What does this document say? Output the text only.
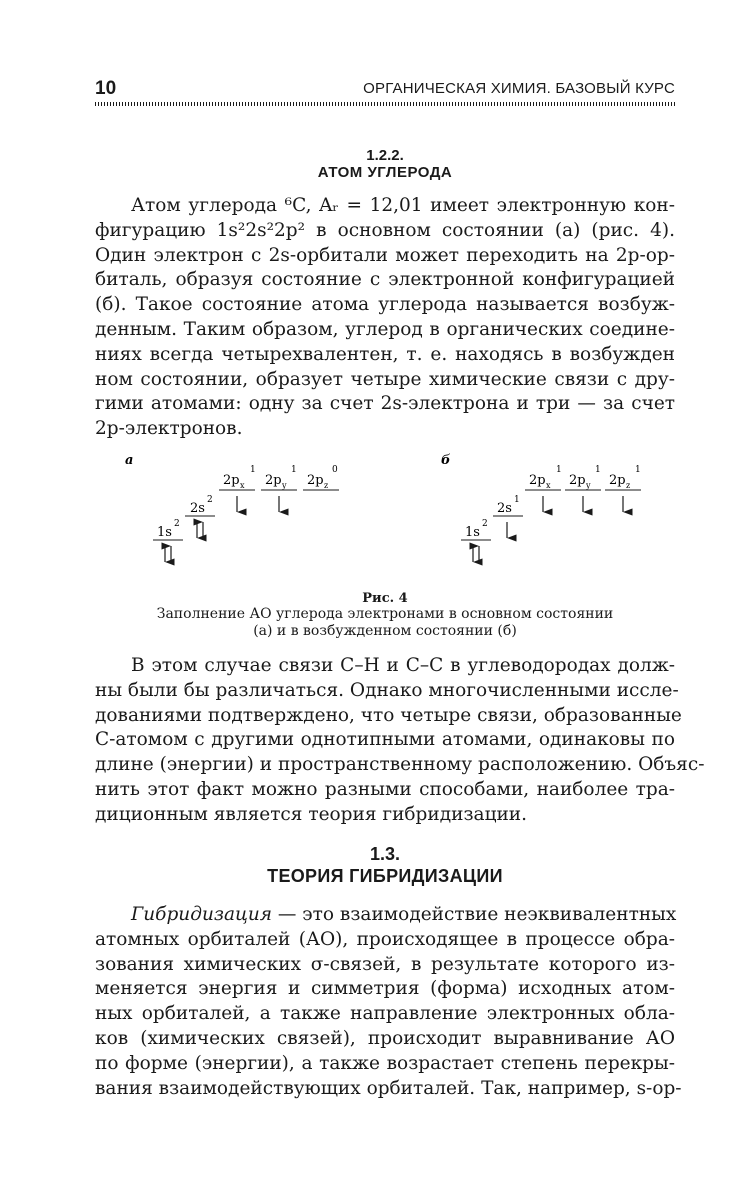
10	ОРГАНИЧЕСКАЯ ХИМИЯ. БАЗОВЫЙ КУРС
1.2.2.
АТОМ УГЛЕРОДА
Атом углерода ⁶C, Aᵣ = 12,01 имеет электронную кон-
фигурацию 1s²2s²2p² в основном состоянии (а) (рис. 4).
Один электрон с 2s-орбитали может переходить на 2p-ор-
биталь, образуя состояние с электронной конфигурацией
(б). Такое состояние атома углерода называется возбуж-
денным. Таким образом, углерод в органических соедине-
ниях всегда четырехвалентен, т. е. находясь в возбужден
ном состоянии, образует четыре химические связи с дру-
гими атомами: одну за счет 2s-электрона и три — за счет
2p-электронов.
а
1s
2
2s
2
2p x
1
2p y
1
2p z
0
б
1s
2
2s
1
2p x
1
2p y
1
2p z
1
Рис. 4
Заполнение АО углерода электронами в основном состоянии
(а) и в возбужденном состоянии (б)
В этом случае связи С–Н и С–С в углеводородах долж-
ны были бы различаться. Однако многочисленными иссле-
дованиями подтверждено, что четыре связи, образованные
С-атомом с другими однотипными атомами, одинаковы по
длине (энергии) и пространственному расположению. Объяс-
нить этот факт можно разными способами, наиболее тра-
диционным является теория гибридизации.
1.3.
ТЕОРИЯ ГИБРИДИЗАЦИИ
Гибридизация — это взаимодействие неэквивалентных
атомных орбиталей (АО), происходящее в процессе обра-
зования химических σ-связей, в результате которого из-
меняется энергия и симметрия (форма) исходных атом-
ных орбиталей, а также направление электронных обла-
ков (химических связей), происходит выравнивание АО
по форме (энергии), а также возрастает степень перекры-
вания взаимодействующих орбиталей. Так, например, s-ор-
